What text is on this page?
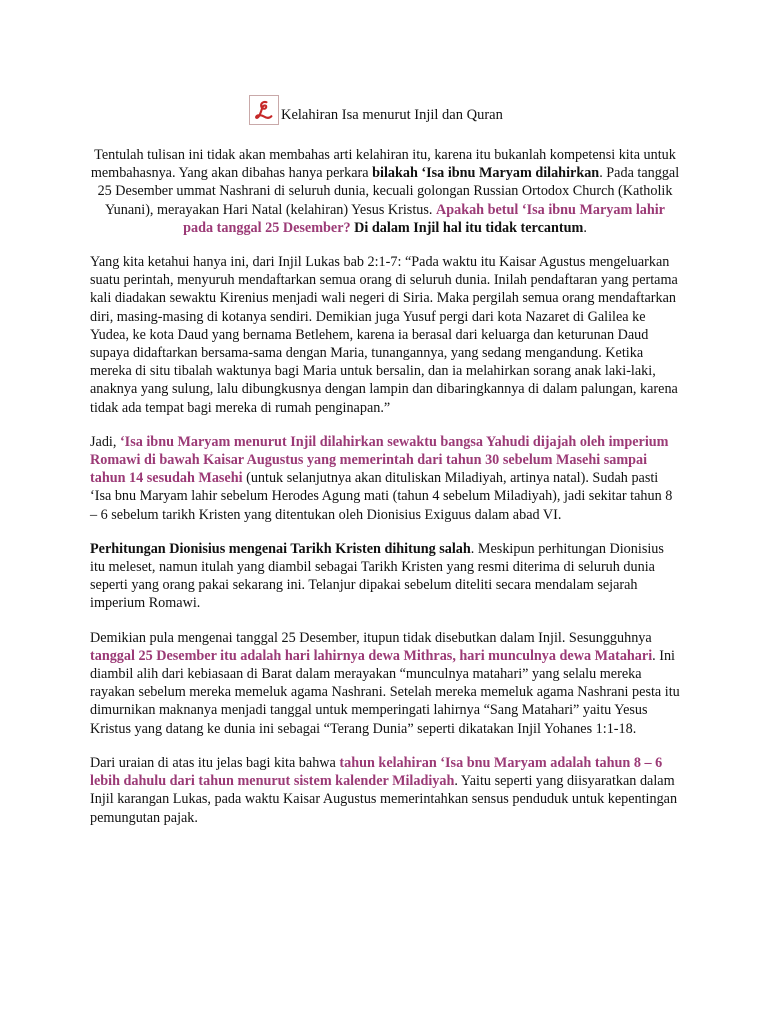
Kelahiran Isa menurut Injil dan Quran

Tentulah tulisan ini tidak akan membahas arti kelahiran itu, karena itu bukanlah kompetensi kita untuk membahasnya. Yang akan dibahas hanya perkara bilakah ‘Isa ibnu Maryam dilahirkan. Pada tanggal 25 Desember ummat Nashrani di seluruh dunia, kecuali golongan Russian Ortodox Church (Katholik Yunani), merayakan Hari Natal (kelahiran) Yesus Kristus. Apakah betul ‘Isa ibnu Maryam lahir pada tanggal 25 Desember? Di dalam Injil hal itu tidak tercantum.

Yang kita ketahui hanya ini, dari Injil Lukas bab 2:1-7: “Pada waktu itu Kaisar Agustus mengeluarkan suatu perintah, menyuruh mendaftarkan semua orang di seluruh dunia. Inilah pendaftaran yang pertama kali diadakan sewaktu Kirenius menjadi wali negeri di Siria. Maka pergilah semua orang mendaftarkan diri, masing-masing di kotanya sendiri. Demikian juga Yusuf pergi dari kota Nazaret di Galilea ke Yudea, ke kota Daud yang bernama Betlehem, karena ia berasal dari keluarga dan keturunan Daud supaya didaftarkan bersama-sama dengan Maria, tunangannya, yang sedang mengandung. Ketika mereka di situ tibalah waktunya bagi Maria untuk bersalin, dan ia melahirkan sorang anak laki-laki, anaknya yang sulung, lalu dibungkusnya dengan lampin dan dibaringkannya di dalam palungan, karena tidak ada tempat bagi mereka di rumah penginapan.”

Jadi, ‘Isa ibnu Maryam menurut Injil dilahirkan sewaktu bangsa Yahudi dijajah oleh imperium Romawi di bawah Kaisar Augustus yang memerintah dari tahun 30 sebelum Masehi sampai tahun 14 sesudah Masehi (untuk selanjutnya akan dituliskan Miladiyah, artinya natal). Sudah pasti ‘Isa bnu Maryam lahir sebelum Herodes Agung mati (tahun 4 sebelum Miladiyah), jadi sekitar tahun 8 – 6 sebelum tarikh Kristen yang ditentukan oleh Dionisius Exiguus dalam abad VI.

Perhitungan Dionisius mengenai Tarikh Kristen dihitung salah. Meskipun perhitungan Dionisius itu meleset, namun itulah yang diambil sebagai Tarikh Kristen yang resmi diterima di seluruh dunia seperti yang orang pakai sekarang ini. Telanjur dipakai sebelum diteliti secara mendalam sejarah imperium Romawi.

Demikian pula mengenai tanggal 25 Desember, itupun tidak disebutkan dalam Injil. Sesungguhnya tanggal 25 Desember itu adalah hari lahirnya dewa Mithras, hari munculnya dewa Matahari. Ini diambil alih dari kebiasaan di Barat dalam merayakan “munculnya matahari” yang selalu mereka rayakan sebelum mereka memeluk agama Nashrani. Setelah mereka memeluk agama Nashrani pesta itu dimurnikan maknanya menjadi tanggal untuk memperingati lahirnya “Sang Matahari” yaitu Yesus Kristus yang datang ke dunia ini sebagai “Terang Dunia” seperti dikatakan Injil Yohanes 1:1-18.

Dari uraian di atas itu jelas bagi kita bahwa tahun kelahiran ‘Isa bnu Maryam adalah tahun 8 – 6 lebih dahulu dari tahun menurut sistem kalender Miladiyah. Yaitu seperti yang diisyaratkan dalam Injil karangan Lukas, pada waktu Kaisar Augustus memerintahkan sensus penduduk untuk kepentingan pemungutan pajak.
